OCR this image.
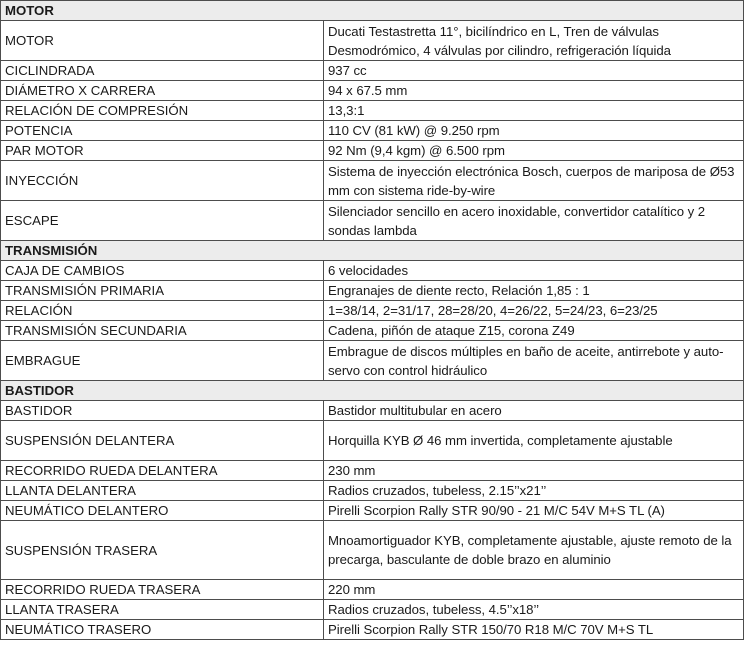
MOTOR	
MOTOR	Ducati Testastretta 11°, bicilíndrico en L, Tren de válvulas Desmodrómico, 4 válvulas por cilindro, refrigeración líquida
CICLINDRADA	937 cc
DIÁMETRO X CARRERA	94 x 67.5 mm
RELACIÓN DE COMPRESIÓN	13,3:1
POTENCIA	110 CV (81 kW) @ 9.250 rpm
PAR MOTOR	92 Nm (9,4 kgm) @ 6.500 rpm
INYECCIÓN	Sistema de inyección electrónica Bosch, cuerpos de mariposa de Ø53 mm con sistema ride-by-wire
ESCAPE	Silenciador sencillo en acero inoxidable, convertidor catalítico y 2 sondas lambda
TRANSMISIÓN	
CAJA DE CAMBIOS	6 velocidades
TRANSMISIÓN PRIMARIA	Engranajes de diente recto, Relación 1,85 : 1
RELACIÓN	1=38/14, 2=31/17, 28=28/20, 4=26/22, 5=24/23, 6=23/25
TRANSMISIÓN SECUNDARIA	Cadena, piñón de ataque Z15, corona Z49
EMBRAGUE	Embrague de discos múltiples en baño de aceite, antirrebote y auto-servo con control hidráulico
BASTIDOR	
BASTIDOR	Bastidor multitubular en acero
SUSPENSIÓN DELANTERA	Horquilla KYB Ø 46 mm invertida, completamente ajustable
RECORRIDO RUEDA DELANTERA	230 mm
LLANTA DELANTERA	Radios cruzados, tubeless, 2.15’’x21’’
NEUMÁTICO DELANTERO	Pirelli Scorpion Rally STR 90/90 - 21 M/C 54V M+S TL (A)
SUSPENSIÓN TRASERA	Mnoamortiguador KYB, completamente ajustable, ajuste remoto de la precarga, basculante de doble brazo en aluminio
RECORRIDO RUEDA TRASERA	220 mm
LLANTA TRASERA	Radios cruzados, tubeless, 4.5’’x18’’
NEUMÁTICO TRASERO	Pirelli Scorpion Rally STR 150/70 R18 M/C 70V M+S TL
